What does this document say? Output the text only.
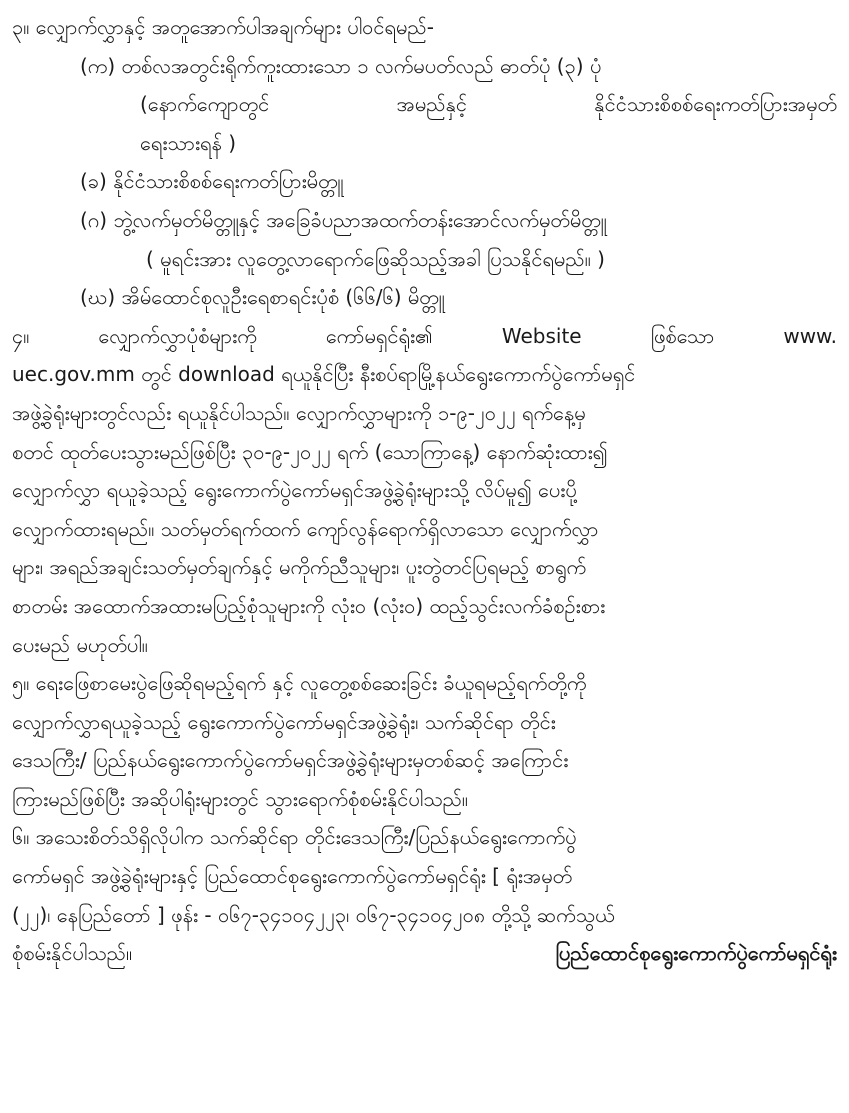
၃။ လျှောက်လွှာနှင့် အတူအောက်ပါအချက်များ ပါဝင်ရမည်-
(က) တစ်လအတွင်းရိုက်ကူးထားသော ၁ လက်မပတ်လည် ဓာတ်ပုံ (၃) ပုံ
(နောက်ကျောတွင်	အမည်နှင့်	နိုင်ငံသားစိစစ်ရေးကတ်ပြားအမှတ်
ရေးသားရန် )
(ခ) နိုင်ငံသားစိစစ်ရေးကတ်ပြားမိတ္တူ
(ဂ) ဘွဲ့လက်မှတ်မိတ္တူနှင့် အခြေခံပညာအထက်တန်းအောင်လက်မှတ်မိတ္တူ
( မူရင်းအား လူတွေ့လာရောက်ဖြေဆိုသည့်အခါ ပြသနိုင်ရမည်။ )
(ဃ) အိမ်ထောင်စုလူဦးရေစာရင်းပုံစံ (၆၆/၆) မိတ္တူ
၄။	လျှောက်လွှာပုံစံများကို	ကော်မရှင်ရုံး၏	Website	ဖြစ်သော	www.
uec.gov.mm တွင် download ရယူနိုင်ပြီး နီးစပ်ရာမြို့နယ်ရွေးကောက်ပွဲကော်မရှင်
အဖွဲ့ခွဲရုံးများတွင်လည်း ရယူနိုင်ပါသည်။ လျှောက်လွှာများကို ၁-၉-၂၀၂၂ ရက်နေ့မှ
စတင် ထုတ်ပေးသွားမည်ဖြစ်ပြီး ၃၀-၉-၂၀၂၂ ရက် (သောကြာနေ့) နောက်ဆုံးထား၍
လျှောက်လွှာ ရယူခဲ့သည့် ရွေးကောက်ပွဲကော်မရှင်အဖွဲ့ခွဲရုံးများသို့ လိပ်မူ၍ ပေးပို့
လျှောက်ထားရမည်။ သတ်မှတ်ရက်ထက် ကျော်လွန်ရောက်ရှိလာသော လျှောက်လွှာ
များ၊ အရည်အချင်းသတ်မှတ်ချက်နှင့် မကိုက်ညီသူများ၊ ပူးတွဲတင်ပြရမည့် စာရွက်
စာတမ်း အထောက်အထားမပြည့်စုံသူများကို လုံးဝ (လုံးဝ) ထည့်သွင်းလက်ခံစဉ်းစား
ပေးမည် မဟုတ်ပါ။
၅။ ရေးဖြေစာမေးပွဲဖြေဆိုရမည့်ရက် နှင့် လူတွေ့စစ်ဆေးခြင်း ခံယူရမည့်ရက်တို့ကို
လျှောက်လွှာရယူခဲ့သည့် ရွေးကောက်ပွဲကော်မရှင်အဖွဲ့ခွဲရုံး၊ သက်ဆိုင်ရာ တိုင်း
ဒေသကြီး/ ပြည်နယ်ရွေးကောက်ပွဲကော်မရှင်အဖွဲ့ခွဲရုံးများမှတစ်ဆင့် အကြောင်း
ကြားမည်ဖြစ်ပြီး အဆိုပါရုံးများတွင် သွားရောက်စုံစမ်းနိုင်ပါသည်။
၆။ အသေးစိတ်သိရှိလိုပါက သက်ဆိုင်ရာ တိုင်းဒေသကြီး/ပြည်နယ်ရွေးကောက်ပွဲ
ကော်မရှင် အဖွဲ့ခွဲရုံးများနှင့် ပြည်ထောင်စုရွေးကောက်ပွဲကော်မရှင်ရုံး [ ရုံးအမှတ်
(၂၂)၊ နေပြည်တော် ] ဖုန်း - ၀၆၇-၃၄၁၀၄၂၂၃၊ ၀၆၇-၃၄၁၀၄၂၀၈ တို့သို့ ဆက်သွယ်
စုံစမ်းနိုင်ပါသည်။	ပြည်ထောင်စုရွေးကောက်ပွဲကော်မရှင်ရုံး
